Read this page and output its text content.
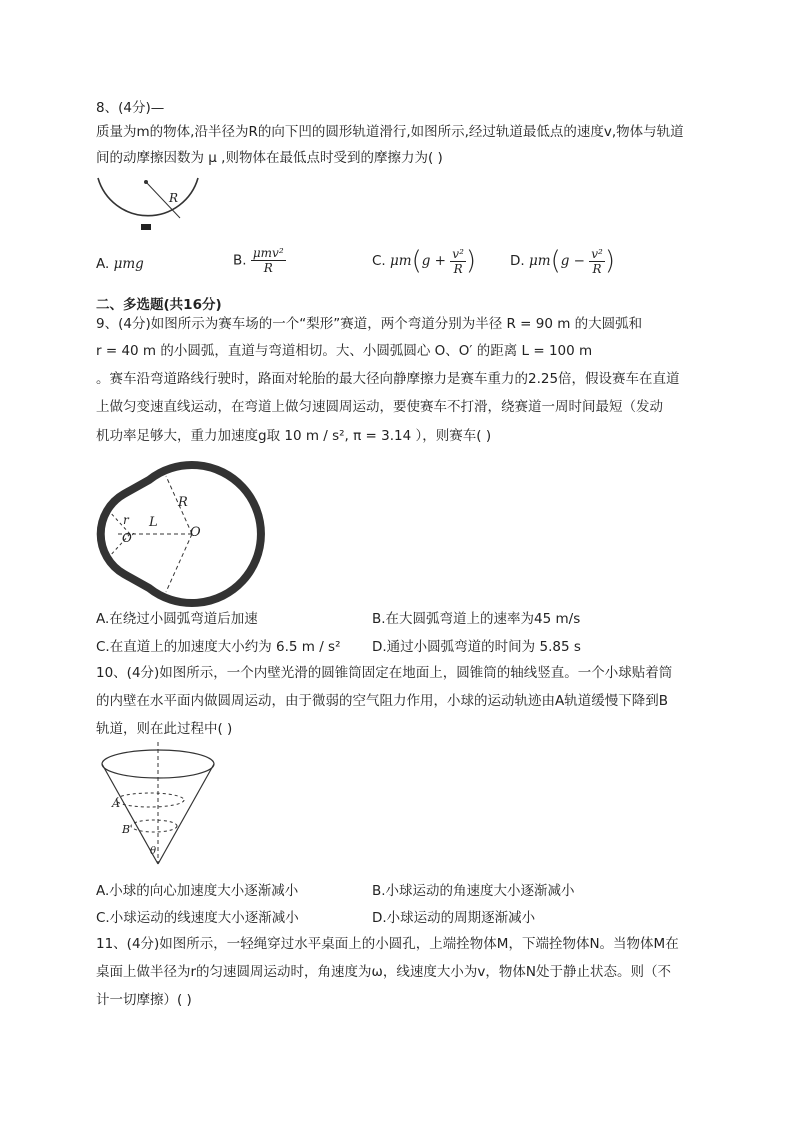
8、(4分)—
质量为m的物体,沿半径为R的向下凹的圆形轨道滑行,如图所示,经过轨道最低点的速度v,物体与轨道
间的动摩擦因数为 μ ,则物体在最低点时受到的摩擦力为( )
R
A. μmg	B. $\frac{\text{μmv²}}{R}$	C. $\mu m(g + \frac{\text{v²}}{R}$ )	D. $\mu m(g - \frac{\text{v²}}{R}$ )
二、多选题(共16分)
9、(4分)如图所示为赛车场的一个“梨形”赛道，两个弯道分别为半径 R = 90 m 的大圆弧和
r = 40 m 的小圆弧，直道与弯道相切。大、小圆弧圆心 O、O′ 的距离 L = 100 m
。赛车沿弯道路线行驶时，路面对轮胎的最大径向静摩擦力是赛车重力的2.25倍，假设赛车在直道
上做匀变速直线运动，在弯道上做匀速圆周运动，要使赛车不打滑，绕赛道一周时间最短（发动
机功率足够大，重力加速度g取 10 m / s², π = 3.14 ），则赛车( )
R
r L
O
O′
A.在绕过小圆弧弯道后加速	B.在大圆弧弯道上的速率为45 m/s
C.在直道上的加速度大小约为 6.5 m / s² D.通过小圆弧弯道的时间为 5.85 s
10、(4分)如图所示，一个内壁光滑的圆锥筒固定在地面上，圆锥筒的轴线竖直。一个小球贴着筒
的内壁在水平面内做圆周运动，由于微弱的空气阻力作用，小球的运动轨迹由A轨道缓慢下降到B
轨道，则在此过程中( )
A
B
θ
A.小球的向心加速度大小逐渐减小	B.小球运动的角速度大小逐渐减小
C.小球运动的线速度大小逐渐减小	D.小球运动的周期逐渐减小
11、(4分)如图所示，一轻绳穿过水平桌面上的小圆孔，上端拴物体M，下端拴物体N。当物体M在
桌面上做半径为r的匀速圆周运动时，角速度为ω，线速度大小为v，物体N处于静止状态。则（不
计一切摩擦）( )
